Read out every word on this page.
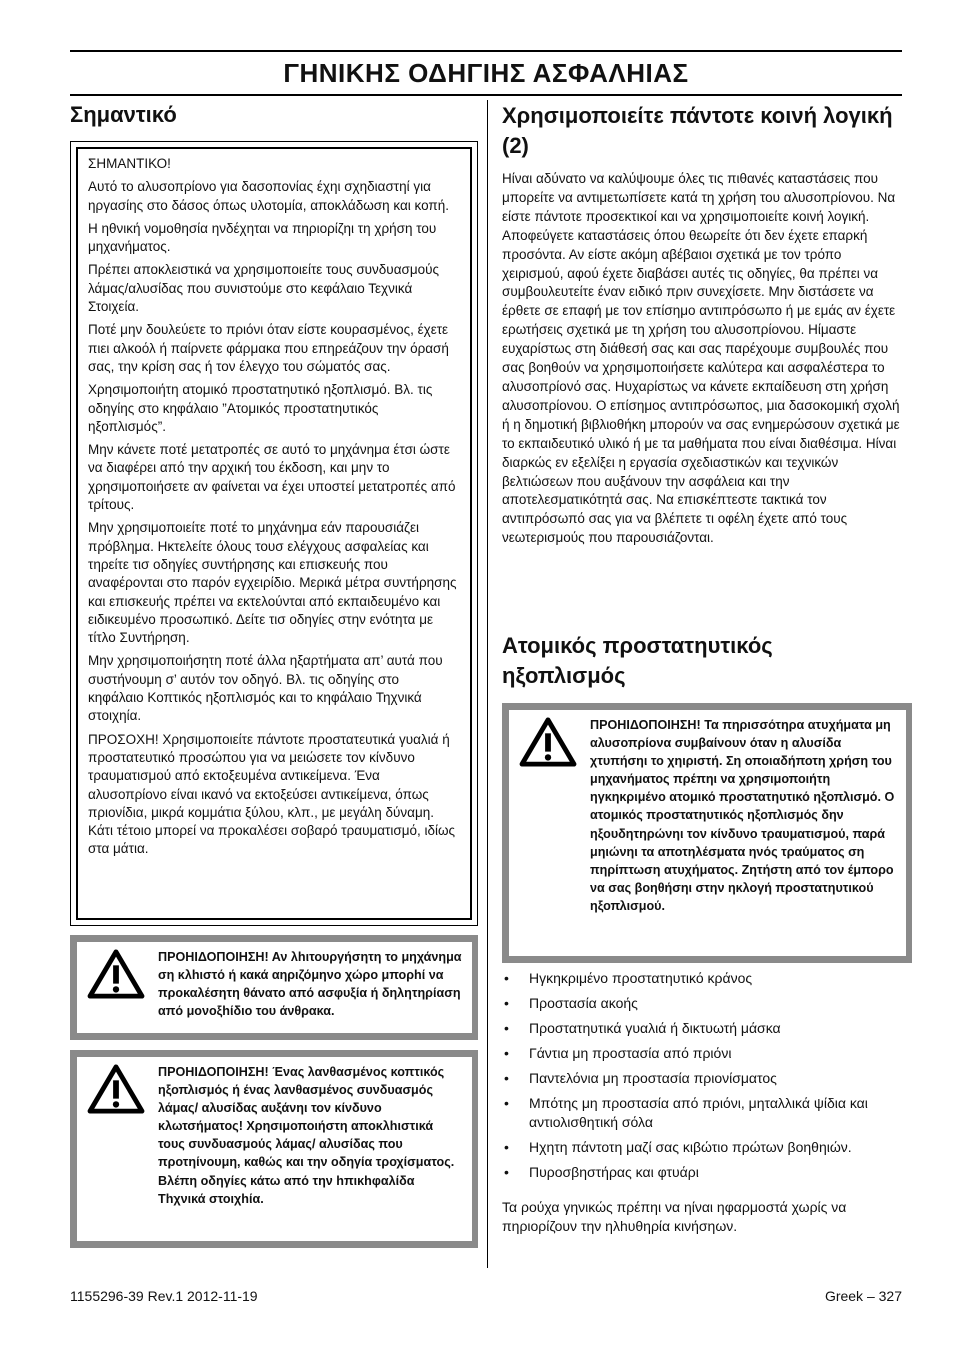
ΓΗΝΙΚΗΣ ΟΔΗΓΙΗΣ ΑΣΦΑΛΗΙΑΣ
Σημαντικό

ΣΗΜΑΝΤΙΚΟ!

Αυτό το αλυσοπρίονο για δασοπονίας έχηι σχηδιαστηί για ηργασίης στο δάσος όπως υλοτομία, αποκλάδωση και κοπή.

Η ηθνική νομοθησία ηνδέχηται να πηριορίζηι τη χρήση του μηχανήματος.

Πρέπει αποκλειστικά να χρησιμοποιείτε τους συνδυασμούς λάμας/αλυσίδας που συνιστούμε στο κεφάλαιο Τεχνικά Στοιχεία.

Ποτέ μην δουλεύετε το πριόνι όταν είστε κουρασμένος, έχετε πιει αλκοόλ ή παίρνετε φάρμακα που επηρεάζουν την όρασή σας, την κρίση σας ή τον έλεγχο του σώματός σας.

Χρησιμοποιήτη ατομικό προστατηυτικό ηξοπλισμό. Βλ. τις οδηγίης στο κηφάλαιο ”Ατομικός προστατηυτικός ηξοπλισμός”.

Μην κάνετε ποτέ μετατροπές σε αυτό το μηχάνημα έτσι ώστε να διαφέρει από την αρχική του έκδοση, και μην το χρησιμοποιήσετε αν φαίνεται να έχει υποστεί μετατροπές από τρίτους.

Μην χρησιμοποιείτε ποτέ το μηχάνημα εάν παρουσιάζει πρόβλημα. Ηκτελείτε όλους τουσ ελέγχους ασφαλείας και τηρείτε τισ οδηγίες συντήρησης και επισκευής που αναφέρονται στο παρόν εγχειρίδιο. Μερικά μέτρα συντήρησης και επισκευής πρέπει να εκτελούνται από εκπαιδευμένο και ειδικευμένο προσωπικό. Δείτε τισ οδηγίες στην ενότητα με τίτλο Συντήρηση.

Μην χρησιμοποιήσητη ποτέ άλλα ηξαρτήματα απ’ αυτά που συστήνουμη σ’ αυτόν τον οδηγό. Βλ. τις οδηγίης στο κηφάλαιο Κοπτικός ηξοπλισμός και το κηφάλαιο Τηχνικά στοιχηία.

ΠΡΟΣΟΧΗ! Χρησιμοποιείτε πάντοτε προστατευτικά γυαλιά ή προστατευτικό προσώπου για να μειώσετε τον κίνδυνο τραυματισμού από εκτοξευμένα αντικείμενα. Ένα αλυσοπρίονο είναι ικανό να εκτοξεύσει αντικείμενα, όπως πριονίδια, μικρά κομμάτια ξύλου, κλπ., με μεγάλη δύναμη. Κάτι τέτοιο μπορεί να προκαλέσει σοβαρό τραυματισμό, ιδίως στα μάτια.

ΠΡΟΗΙΔΟΠΟΙΗΣΗ! Αν λhιτουργήσητη το μηχάνημα ση κλhιστό ή κακά αηριζόμηνο χώρο μπορhί να προκαλέσητη θάνατο από ασφυξία ή δηλητηρίαση από μονοξhίδιο του άνθρακα.
ΠΡΟΗΙΔΟΠΟΙΗΣΗ! Ένας λανθασμένος κοπτικός ηξοπλισμός ή ένας λανθασμένος συνδυασμός λάμας/ αλυσίδας αυξάνηι τον κίνδυνο κλωτσήματος! Χρησιμοποιήστη αποκλhιστικά τους συνδυασμούς λάμας/ αλυσίδας που προτηίνουμη, καθώς και την οδηγία τροχίσματος. Βλέπη οδηγίες κάτω από την hπικhφαλίδα Τhχνικά στοιχhία.
Χρησιμοποιείτε πάντοτε κοινή λογική (2)

Hίναι αδύνατο να καλύψουμε όλες τις πιθανές καταστάσεις που μπορείτε να αντιμετωπίσετε κατά τη χρήση του αλυσοπρίονου. Να είστε πάντοτε προσεκτικοί και να χρησιμοποιείτε κοινή λογική. Αποφεύγετε καταστάσεις όπου θεωρείτε ότι δεν έχετε επαρκή προσόντα. Αν είστε ακόμη αβέβαιοι σχετικά με τον τρόπο χειρισμού, αφού έχετε διαβάσει αυτές τις οδηγίες, θα πρέπει να συμβουλευτείτε έναν ειδικό πριν συνεχίσετε. Μην διστάσετε να έρθετε σε επαφή με τον επίσημο αντιπρόσωπο ή με εμάς αν έχετε ερωτήσεις σχετικά με τη χρήση του αλυσοπρίονου. Hίμαστε ευχαρίστως στη διάθεσή σας και σας παρέχουμε συμβουλές που σας βοηθούν να χρησιμοποιήσετε καλύτερα και ασφαλέστερα το αλυσοπρίονό σας. Hυχαρίστως να κάνετε εκπαίδευση στη χρήση αλυσοπρίονου. Ο επίσημος αντιπρόσωπος, μια δασοκομική σχολή ή η δημοτική βιβλιοθήκη μπορούν να σας ενημερώσουν σχετικά με το εκπαιδευτικό υλικό ή με τα μαθήματα που είναι διαθέσιμα. Hίναι διαρκώς εν εξελίξει η εργασία σχεδιαστικών και τεχνικών βελτιώσεων που αυξάνουν την ασφάλεια και την αποτελεσματικότητά σας. Να επισκέπτεστε τακτικά τον αντιπρόσωπό σας για να βλέπετε τι οφέλη έχετε από τους νεωτερισμούς που παρουσιάζονται.

Ατομικός προστατηυτικός ηξοπλισμός
ΠΡΟΗΙΔΟΠΟΙΗΣΗ! Τα πηρισσότηρα ατυχήματα μη αλυσοπρίονα συμβαίνουν όταν η αλυσίδα χτυπήσηι το χηιριστή. Ση οποιαδήποτη χρήση του μηχανήματος πρέπηι να χρησιμοποιήτη ηγκηκριμένο ατομικό προστατηυτικό ηξοπλισμό. Ο ατομικός προστατηυτικός ηξοπλισμός δην ηξουδητηρώνηι τον κίνδυνο τραυματισμού, παρά μηιώνηι τα αποτηλέσματα ηνός τραύματος ση πηρίπτωση ατυχήματος. Ζητήστη από τον έμπορο να σας βοηθήσηι στην ηκλογή προστατηυτικού ηξοπλισμού.
• Ηγκηκριμένο προστατηυτικό κράνος
• Προστασία ακοής
• Προστατηυτικά γυαλιά ή δικτυωτή μάσκα
• Γάντια μη προστασία από πριόνι
• Παντελόνια μη προστασία πριονίσματος
• Μπότης μη προστασία από πριόνι, μηταλλικά ψίδια και αντιολισθητική σόλα
• Ηχητη πάντοτη μαζί σας κιβώτιο πρώτων βοηθηιών.
• Πυροσβηστήρας και φτυάρι

Τα ρούχα γηνικώς πρέπηι να ηίναι ηφαρμοστά χωρίς να πηριορίζουν την ηλhυθηρία κινήσηων.

1155296-39 Rev.1 2012-11-19	Greek – 327
